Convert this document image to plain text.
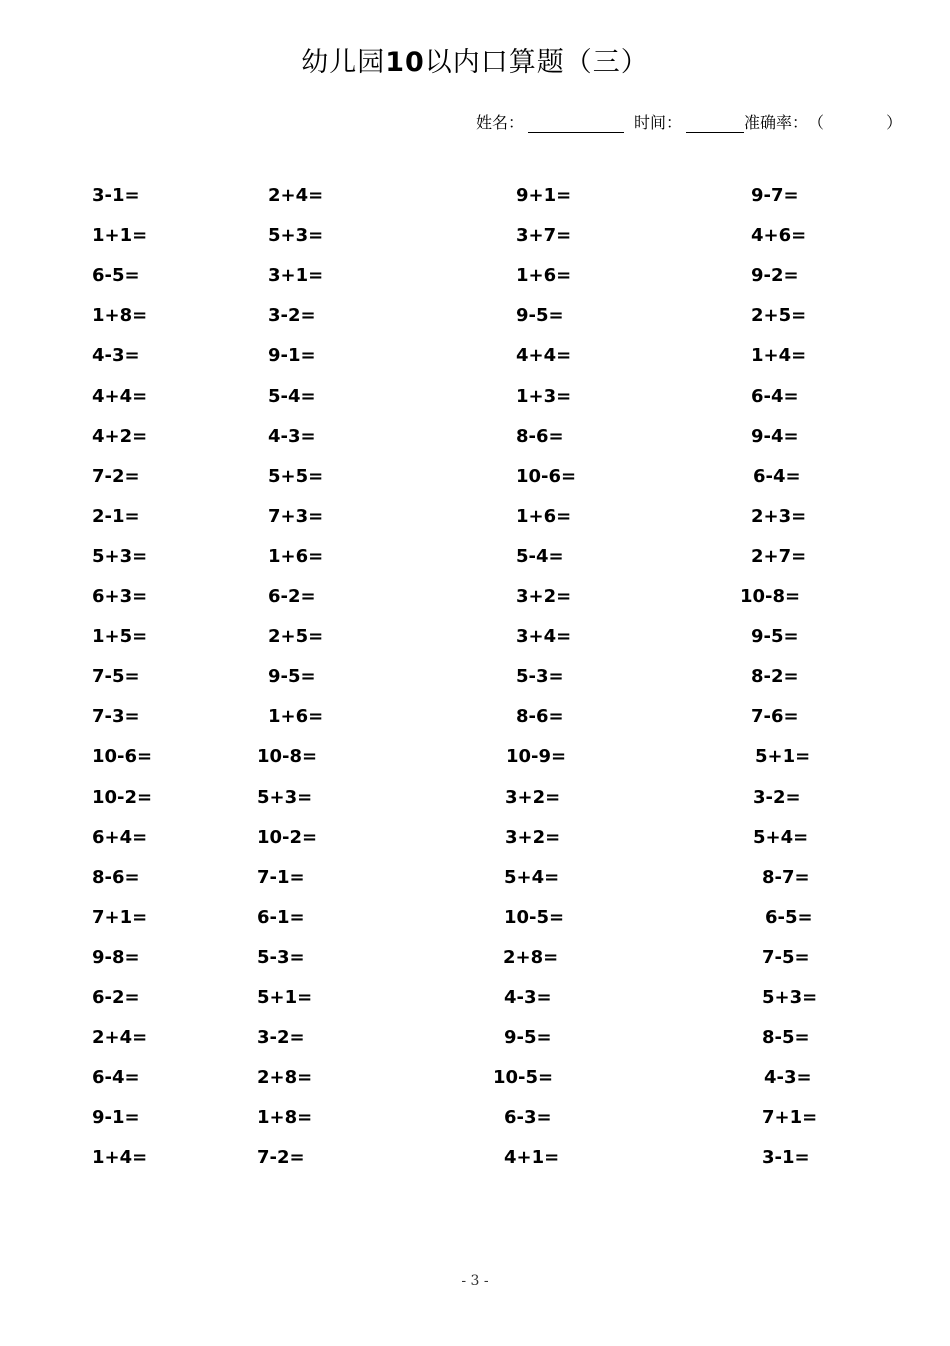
幼儿园10以内口算题（三）
姓名：	时间：	准确率：（	）
3-1=	2+4=	9+1=	9-7=
1+1=	5+3=	3+7=	4+6=
6-5=	3+1=	1+6=	9-2=
1+8=	3-2=	9-5=	2+5=
4-3=	9-1=	4+4=	1+4=
4+4=	5-4=	1+3=	6-4=
4+2=	4-3=	8-6=	9-4=
7-2=	5+5=	10-6=	6-4=
2-1=	7+3=	1+6=	2+3=
5+3=	1+6=	5-4=	2+7=
6+3=	6-2=	3+2=	10-8=
1+5=	2+5=	3+4=	9-5=
7-5=	9-5=	5-3=	8-2=
7-3=	1+6=	8-6=	7-6=
10-6=	10-8=	10-9=	5+1=
10-2=	5+3=	3+2=	3-2=
6+4=	10-2=	3+2=	5+4=
8-6=	7-1=	5+4=	8-7=
7+1=	6-1=	10-5=	6-5=
9-8=	5-3=	2+8=	7-5=
6-2=	5+1=	4-3=	5+3=
2+4=	3-2=	9-5=	8-5=
6-4=	2+8=	10-5=	4-3=
9-1=	1+8=	6-3=	7+1=
1+4=	7-2=	4+1=	3-1=
- 3 -
